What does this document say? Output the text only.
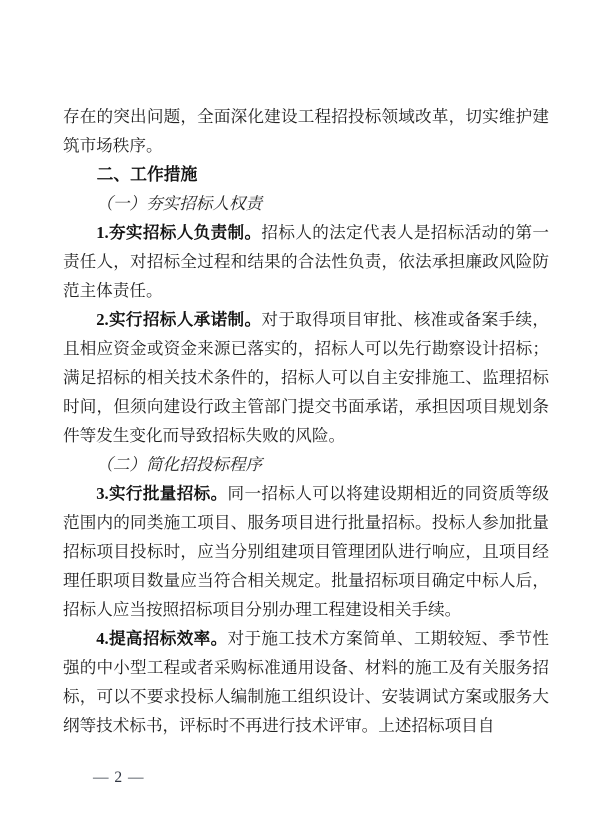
存在的突出问题，全面深化建设工程招投标领域改革，切实维护建筑市场秩序。

二、工作措施

（一）夯实招标人权责

1.夯实招标人负责制。招标人的法定代表人是招标活动的第一责任人，对招标全过程和结果的合法性负责，依法承担廉政风险防范主体责任。

2.实行招标人承诺制。对于取得项目审批、核准或备案手续，且相应资金或资金来源已落实的，招标人可以先行勘察设计招标；满足招标的相关技术条件的，招标人可以自主安排施工、监理招标时间，但须向建设行政主管部门提交书面承诺，承担因项目规划条件等发生变化而导致招标失败的风险。

（二）简化招投标程序

3.实行批量招标。同一招标人可以将建设期相近的同资质等级范围内的同类施工项目、服务项目进行批量招标。投标人参加批量招标项目投标时，应当分别组建项目管理团队进行响应，且项目经理任职项目数量应当符合相关规定。批量招标项目确定中标人后，招标人应当按照招标项目分别办理工程建设相关手续。

4.提高招标效率。对于施工技术方案简单、工期较短、季节性强的中小型工程或者采购标准通用设备、材料的施工及有关服务招标，可以不要求投标人编制施工组织设计、安装调试方案或服务大纲等技术标书，评标时不再进行技术评审。上述招标项目自

— 2 —
